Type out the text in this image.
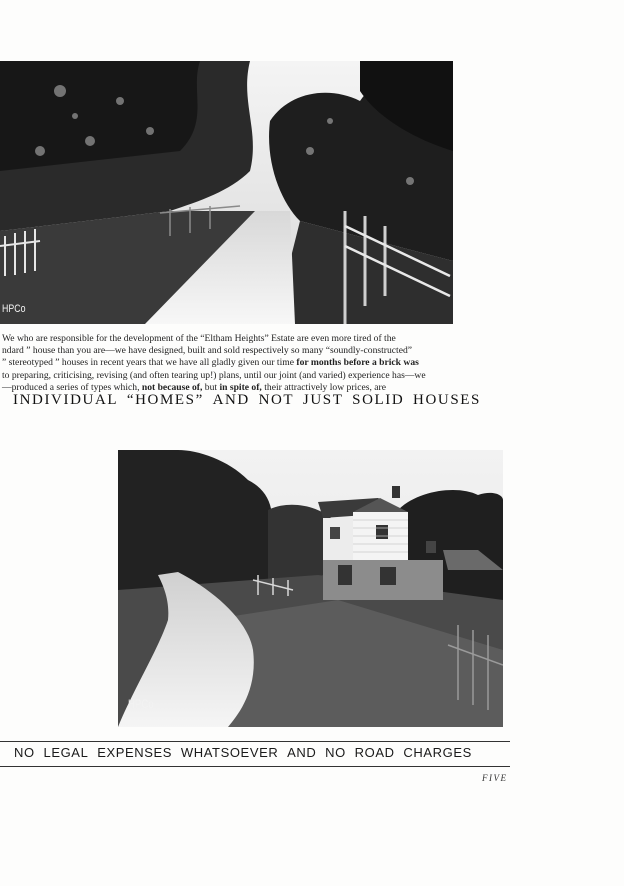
HPCo

We who are responsible for the development of the “Eltham Heights” Estate are even more tired of the

ndard ” house than you are—we have designed, built and sold respectively so many “soundly-constructed”

” stereotyped ” houses in recent years that we have all gladly given our time for months before a brick was

to preparing, criticising, revising (and often tearing up!) plans, until our joint (and varied) experience has—we

—produced a series of types which, not because of, but in spite of, their attractively low prices, are

INDIVIDUAL “HOMES” AND NOT JUST SOLID HOUSES
HPCo
NO LEGAL EXPENSES WHATSOEVER AND NO ROAD CHARGES
FIVE
